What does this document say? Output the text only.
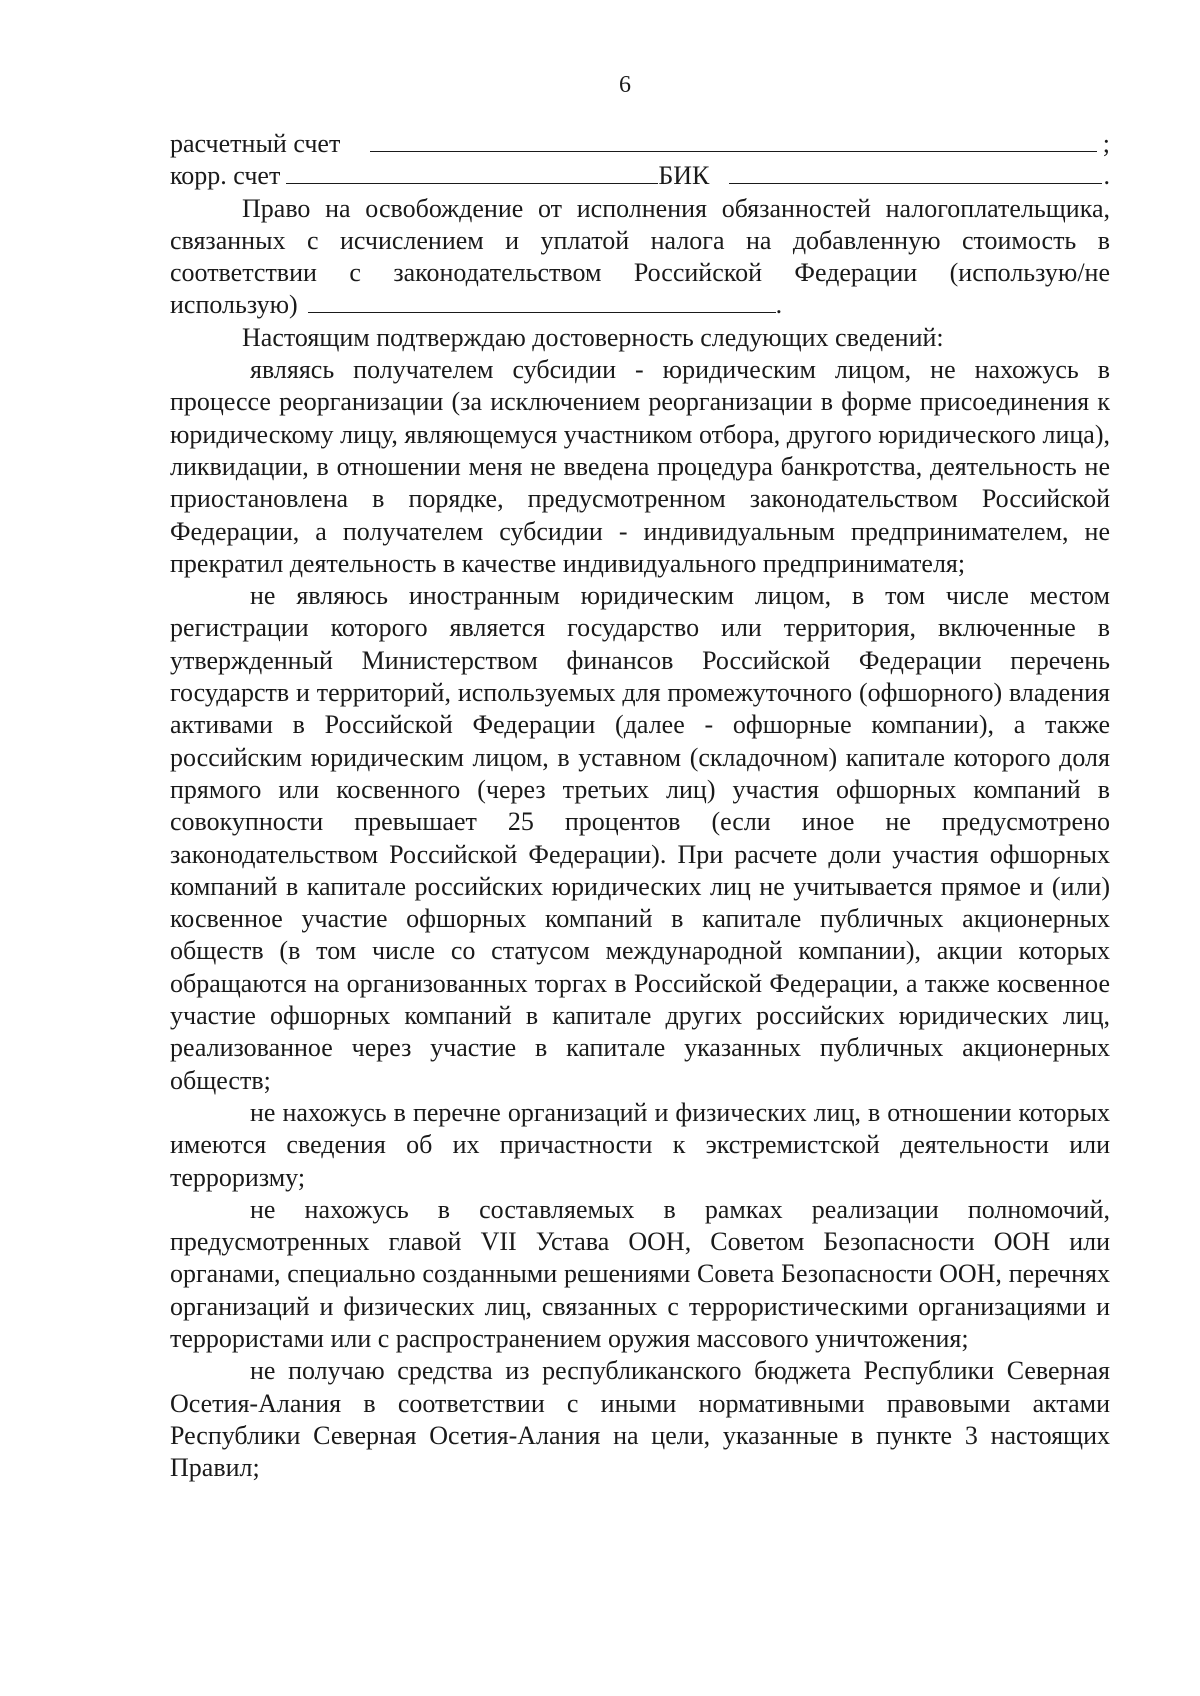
6
расчетный счет	;
корр. счет	БИК	.

Право на освобождение от исполнения обязанностей налогоплательщика, связанных с исчислением и уплатой налога на добавленную стоимость в соответствии с законодательством Российской Федерации (использую/не использую)	.

Настоящим подтверждаю достоверность следующих сведений:

являясь получателем субсидии - юридическим лицом, не нахожусь в процессе реорганизации (за исключением реорганизации в форме присоединения к юридическому лицу, являющемуся участником отбора, другого юридического лица), ликвидации, в отношении меня не введена процедура банкротства, деятельность не приостановлена в порядке, предусмотренном законодательством Российской Федерации, а получателем субсидии - индивидуальным предпринимателем, не прекратил деятельность в качестве индивидуального предпринимателя;

не являюсь иностранным юридическим лицом, в том числе местом регистрации которого является государство или территория, включенные в утвержденный Министерством финансов Российской Федерации перечень государств и территорий, используемых для промежуточного (офшорного) владения активами в Российской Федерации (далее - офшорные компании), а также российским юридическим лицом, в уставном (складочном) капитале которого доля прямого или косвенного (через третьих лиц) участия офшорных компаний в совокупности превышает 25 процентов (если иное не предусмотрено законодательством Российской Федерации). При расчете доли участия офшорных компаний в капитале российских юридических лиц не учитывается прямое и (или) косвенное участие офшорных компаний в капитале публичных акционерных обществ (в том числе со статусом международной компании), акции которых обращаются на организованных торгах в Российской Федерации, а также косвенное участие офшорных компаний в капитале других российских юридических лиц, реализованное через участие в капитале указанных публичных акционерных обществ;

не нахожусь в перечне организаций и физических лиц, в отношении которых имеются сведения об их причастности к экстремистской деятельности или терроризму;

не нахожусь в составляемых в рамках реализации полномочий, предусмотренных главой VII Устава ООН, Советом Безопасности ООН или органами, специально созданными решениями Совета Безопасности ООН, перечнях организаций и физических лиц, связанных с террористическими организациями и террористами или с распространением оружия массового уничтожения;

не получаю средства из республиканского бюджета Республики Северная Осетия-Алания в соответствии с иными нормативными правовыми актами Республики Северная Осетия-Алания на цели, указанные в пункте 3 настоящих Правил;
